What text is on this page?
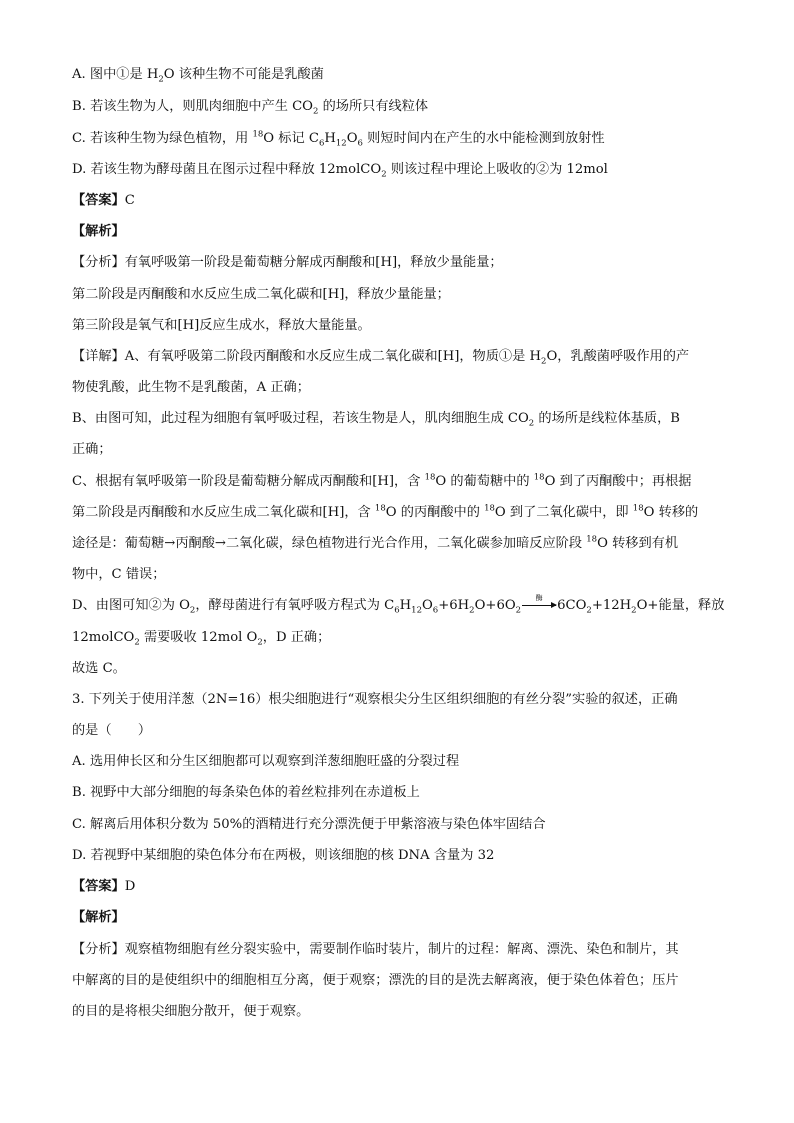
A. 图中①是 $H_2O$ 该种生物不可能是乳酸菌
B. 若该生物为人，则肌肉细胞中产生 $CO_2$ 的场所只有线粒体
C. 若该种生物为绿色植物，用 $^{18}$O 标记 $C_6H_{12}O_6$ 则短时间内在产生的水中能检测到放射性
D. 若该生物为酵母菌且在图示过程中释放 12molCO$_2$ 则该过程中理论上吸收的②为 12mol
【答案】C
【解析】
【分析】有氧呼吸第一阶段是葡萄糖分解成丙酮酸和[H]，释放少量能量；
第二阶段是丙酮酸和水反应生成二氧化碳和[H]，释放少量能量；
第三阶段是氧气和[H]反应生成水，释放大量能量。
【详解】A、有氧呼吸第二阶段丙酮酸和水反应生成二氧化碳和[H]，物质①是 $H_2O$，乳酸菌呼吸作用的产
物使乳酸，此生物不是乳酸菌，A 正确；
B、由图可知，此过程为细胞有氧呼吸过程，若该生物是人，肌肉细胞生成 $CO_2$ 的场所是线粒体基质，B
正确；
C、根据有氧呼吸第一阶段是葡萄糖分解成丙酮酸和[H]，含 $^{18}$O 的葡萄糖中的 $^{18}$O 到了丙酮酸中；再根据
第二阶段是丙酮酸和水反应生成二氧化碳和[H]，含 $^{18}$O 的丙酮酸中的 $^{18}$O 到了二氧化碳中，即 $^{18}$O 转移的
途径是：葡萄糖→丙酮酸→二氧化碳，绿色植物进行光合作用，二氧化碳参加暗反应阶段 $^{18}$O 转移到有机
物中，C 错误；
D、由图可知②为 $O_2$，酵母菌进行有氧呼吸方程式为 $C_6H_{12}O_6+6H_2O+6O_2$
酶	$6CO_2+12H_2O+$能量，释放
12molCO$_2$ 需要吸收 12mol $O_2$，D 正确；
故选 C。
3. 下列关于使用洋葱（2N=16）根尖细胞进行“观察根尖分生区组织细胞的有丝分裂”实验的叙述，正确
的是（　　）
A. 选用伸长区和分生区细胞都可以观察到洋葱细胞旺盛的分裂过程
B. 视野中大部分细胞的每条染色体的着丝粒排列在赤道板上
C. 解离后用体积分数为 50%的酒精进行充分漂洗便于甲紫溶液与染色体牢固结合
D. 若视野中某细胞的染色体分布在两极，则该细胞的核 DNA 含量为 32
【答案】D
【解析】
【分析】观察植物细胞有丝分裂实验中，需要制作临时装片，制片的过程：解离、漂洗、染色和制片，其
中解离的目的是使组织中的细胞相互分离，便于观察；漂洗的目的是洗去解离液，便于染色体着色；压片
的目的是将根尖细胞分散开，便于观察。
